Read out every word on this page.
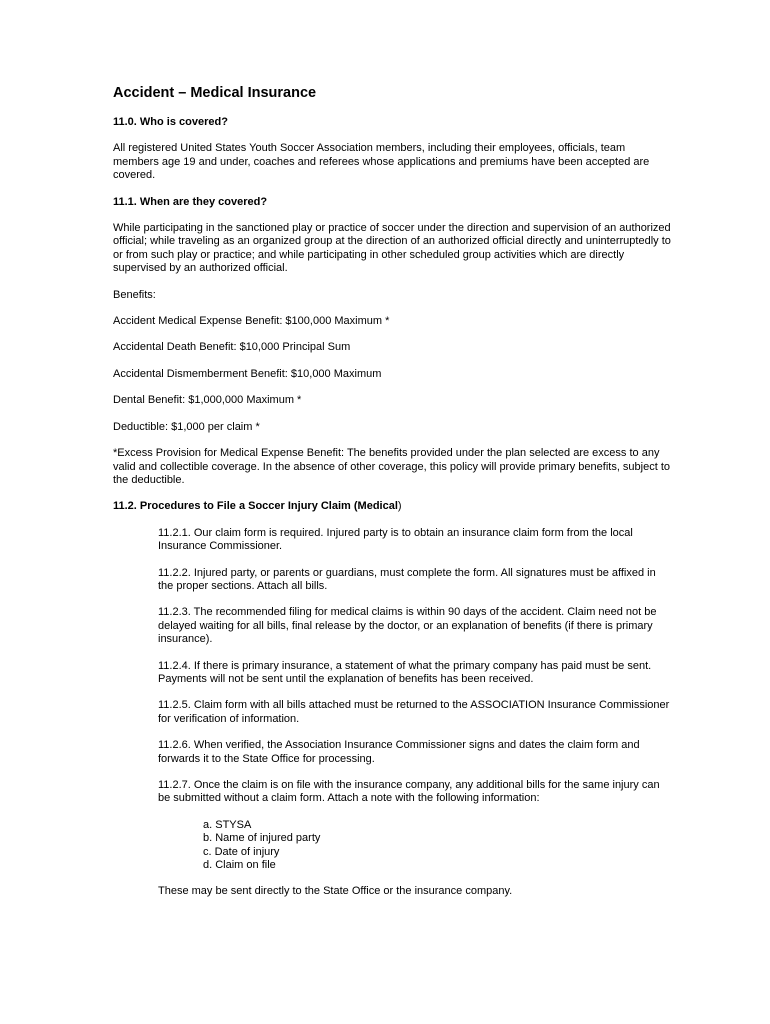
Accident – Medical Insurance
11.0. Who is covered?

All registered United States Youth Soccer Association members, including their employees, officials, team members age 19 and under, coaches and referees whose applications and premiums have been accepted are covered.

11.1. When are they covered?

While participating in the sanctioned play or practice of soccer under the direction and supervision of an authorized official; while traveling as an organized group at the direction of an authorized official directly and uninterruptedly to or from such play or practice; and while participating in other scheduled group activities which are directly supervised by an authorized official.

Benefits:

Accident Medical Expense Benefit: $100,000 Maximum *

Accidental Death Benefit: $10,000 Principal Sum

Accidental Dismemberment Benefit: $10,000 Maximum

Dental Benefit: $1,000,000 Maximum *

Deductible: $1,000 per claim *

*Excess Provision for Medical Expense Benefit: The benefits provided under the plan selected are excess to any valid and collectible coverage. In the absence of other coverage, this policy will provide primary benefits, subject to the deductible.

11.2. Procedures to File a Soccer Injury Claim (Medical)

11.2.1. Our claim form is required. Injured party is to obtain an insurance claim form from the local Insurance Commissioner.

11.2.2. Injured party, or parents or guardians, must complete the form. All signatures must be affixed in the proper sections. Attach all bills.

11.2.3. The recommended filing for medical claims is within 90 days of the accident. Claim need not be delayed waiting for all bills, final release by the doctor, or an explanation of benefits (if there is primary insurance).

11.2.4. If there is primary insurance, a statement of what the primary company has paid must be sent. Payments will not be sent until the explanation of benefits has been received.

11.2.5. Claim form with all bills attached must be returned to the ASSOCIATION Insurance Commissioner for verification of information.

11.2.6. When verified, the Association Insurance Commissioner signs and dates the claim form and forwards it to the State Office for processing.

11.2.7. Once the claim is on file with the insurance company, any additional bills for the same injury can be submitted without a claim form. Attach a note with the following information:

a. STYSA
b. Name of injured party
c. Date of injury
d. Claim on file

These may be sent directly to the State Office or the insurance company.
